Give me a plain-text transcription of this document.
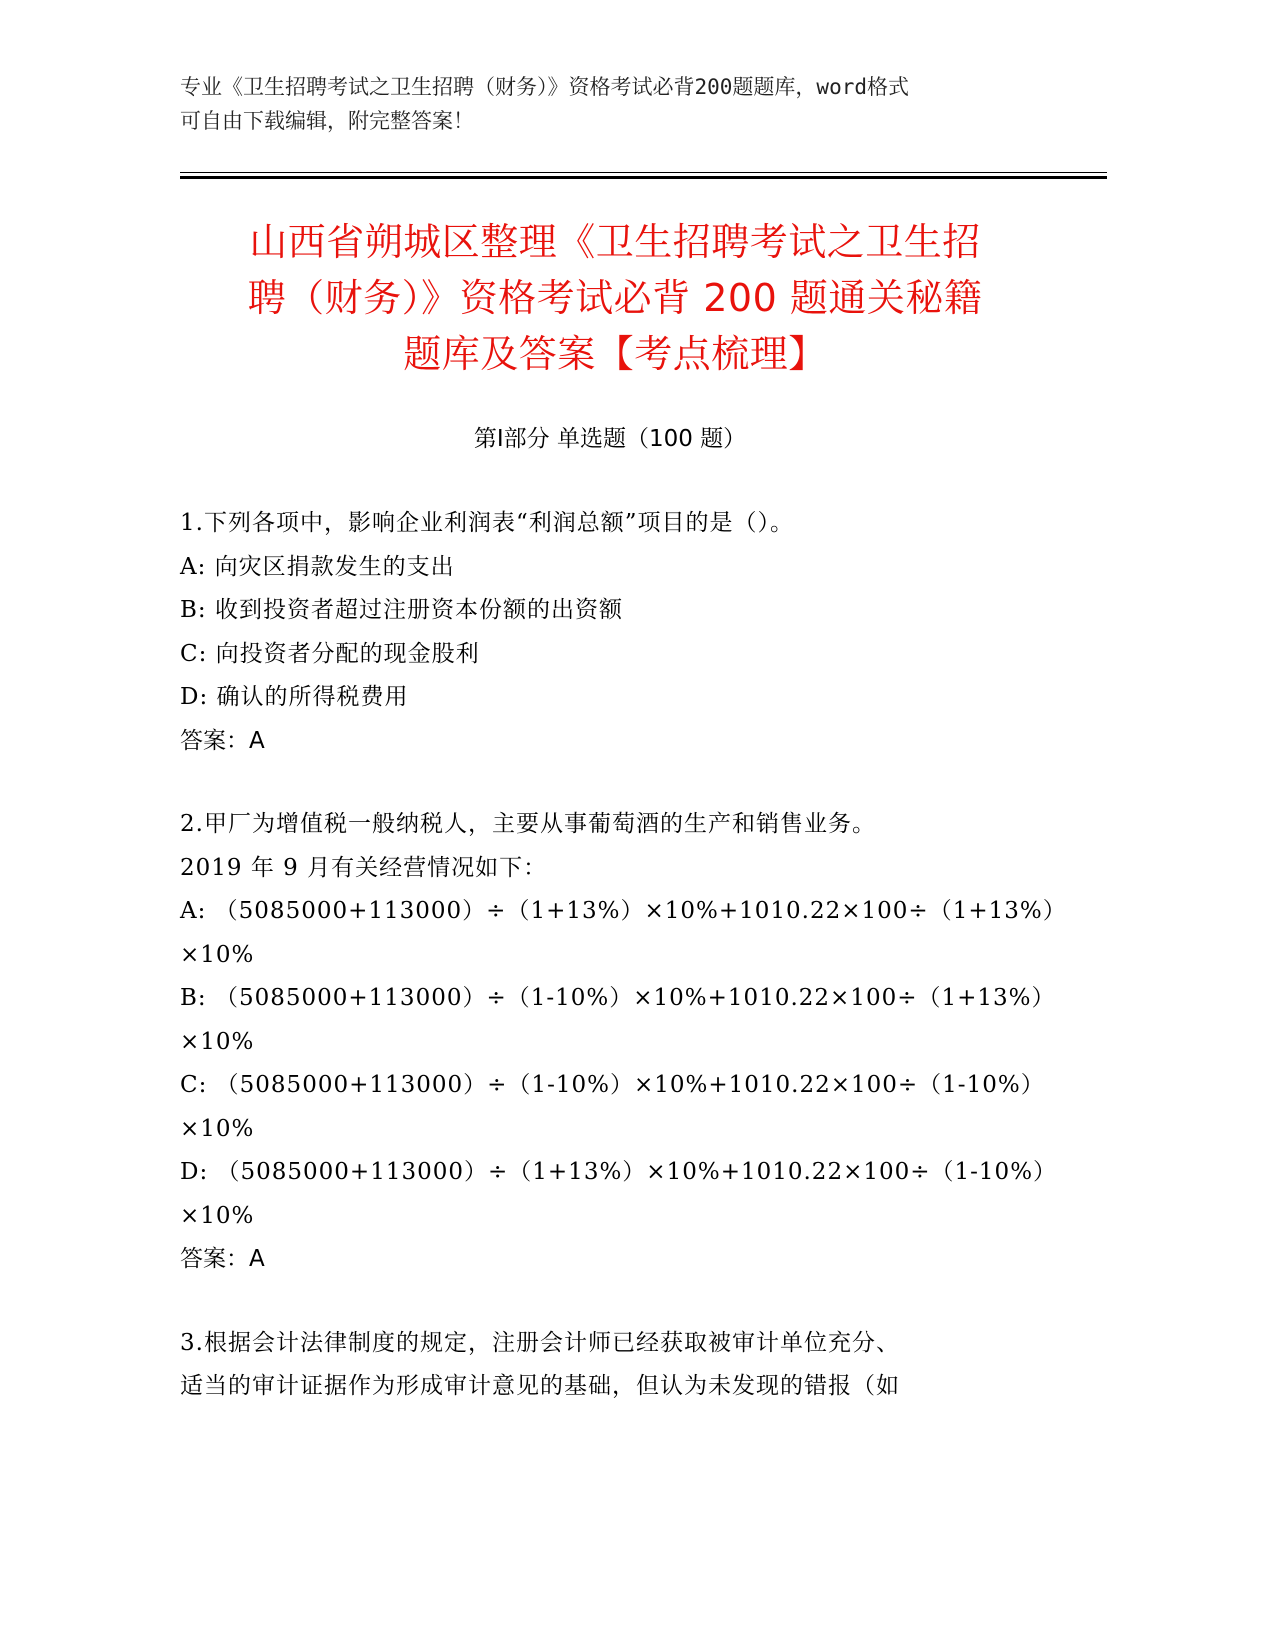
专业《卫生招聘考试之卫生招聘（财务）》资格考试必背200题题库，word格式

可自由下载编辑，附完整答案！

山西省朔城区整理《卫生招聘考试之卫生招
聘（财务）》资格考试必背 200 题通关秘籍
题库及答案【考点梳理】
第Ⅰ部分 单选题（100 题）

1.下列各项中，影响企业利润表“利润总额”项目的是（）。

A: 向灾区捐款发生的支出

B: 收到投资者超过注册资本份额的出资额

C: 向投资者分配的现金股利

D: 确认的所得税费用

答案：A

2.甲厂为增值税一般纳税人，主要从事葡萄酒的生产和销售业务。

2019 年 9 月有关经营情况如下：

A: （5085000+113000）÷（1+13%）×10%+1010.22×100÷（1+13%）

×10%

B: （5085000+113000）÷（1-10%）×10%+1010.22×100÷（1+13%）

×10%

C: （5085000+113000）÷（1-10%）×10%+1010.22×100÷（1-10%）

×10%

D: （5085000+113000）÷（1+13%）×10%+1010.22×100÷（1-10%）

×10%

答案：A

3.根据会计法律制度的规定，注册会计师已经获取被审计单位充分、

适当的审计证据作为形成审计意见的基础，但认为未发现的错报（如
